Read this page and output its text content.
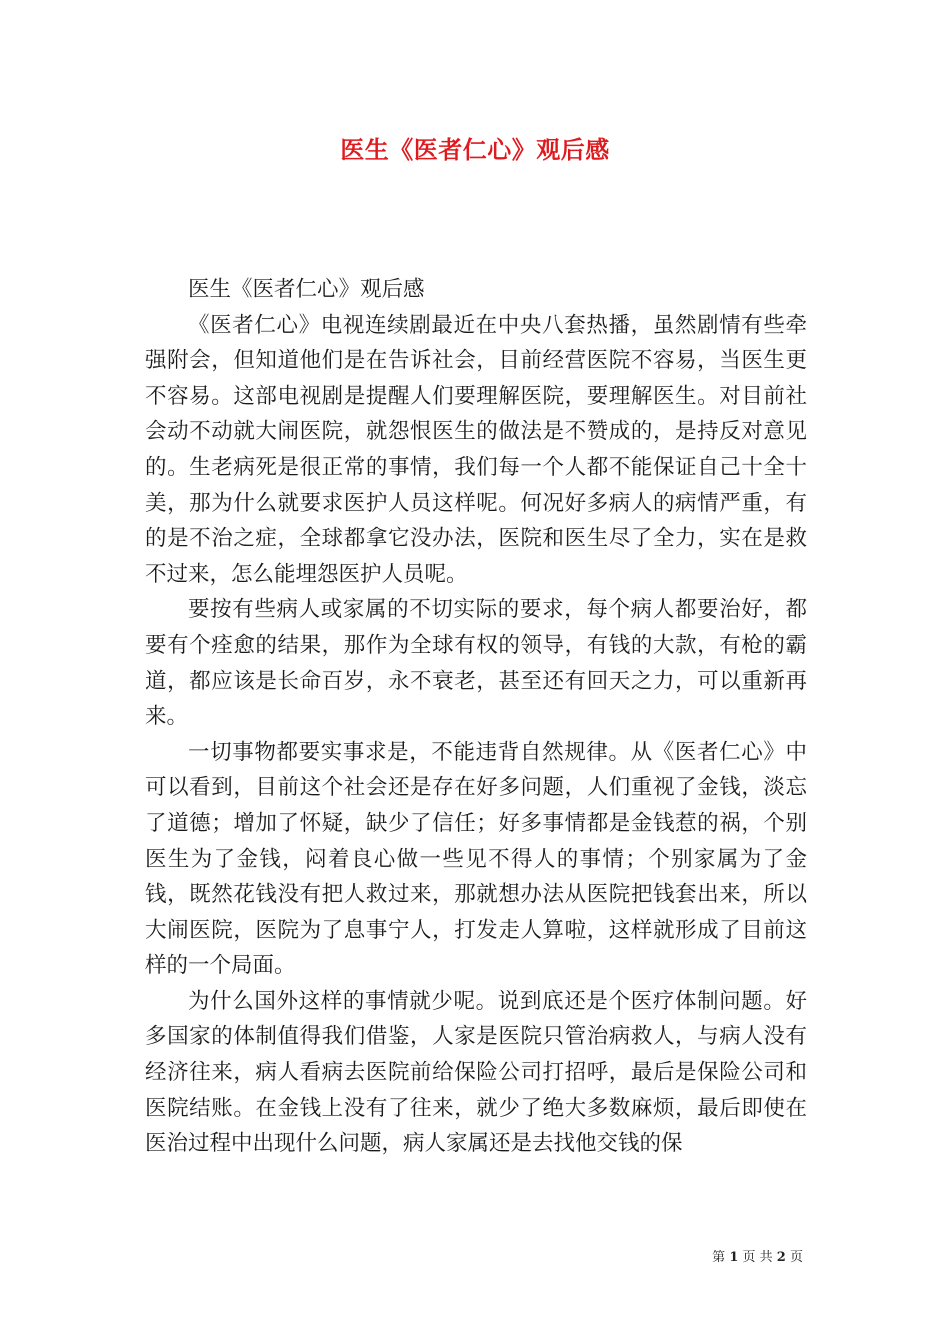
医生《医者仁心》观后感

医生《医者仁心》观后感

《医者仁心》电视连续剧最近在中央八套热播，虽然剧情有些牵强附会，但知道他们是在告诉社会，目前经营医院不容易，当医生更不容易。这部电视剧是提醒人们要理解医院，要理解医生。对目前社会动不动就大闹医院，就怨恨医生的做法是不赞成的，是持反对意见的。生老病死是很正常的事情，我们每一个人都不能保证自己十全十美，那为什么就要求医护人员这样呢。何况好多病人的病情严重，有的是不治之症，全球都拿它没办法，医院和医生尽了全力，实在是救不过来，怎么能埋怨医护人员呢。

要按有些病人或家属的不切实际的要求，每个病人都要治好，都要有个痊愈的结果，那作为全球有权的领导，有钱的大款，有枪的霸道，都应该是长命百岁，永不衰老，甚至还有回天之力，可以重新再来。

一切事物都要实事求是，不能违背自然规律。从《医者仁心》中可以看到，目前这个社会还是存在好多问题，人们重视了金钱，淡忘了道德；增加了怀疑，缺少了信任；好多事情都是金钱惹的祸，个别医生为了金钱，闷着良心做一些见不得人的事情；个别家属为了金钱，既然花钱没有把人救过来，那就想办法从医院把钱套出来，所以大闹医院，医院为了息事宁人，打发走人算啦，这样就形成了目前这样的一个局面。

为什么国外这样的事情就少呢。说到底还是个医疗体制问题。好多国家的体制值得我们借鉴，人家是医院只管治病救人，与病人没有经济往来，病人看病去医院前给保险公司打招呼，最后是保险公司和医院结账。在金钱上没有了往来，就少了绝大多数麻烦，最后即使在医治过程中出现什么问题，病人家属还是去找他交钱的保

第 1 页 共 2 页
